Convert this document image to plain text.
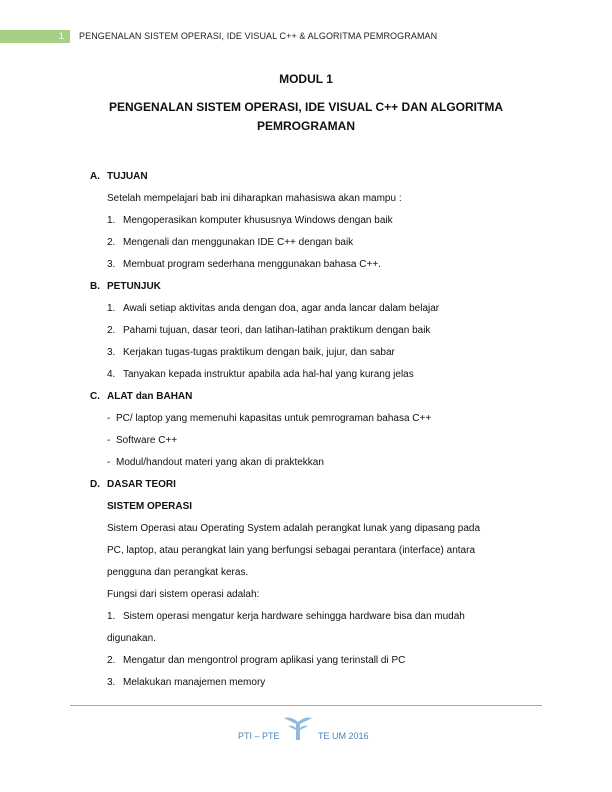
1 PENGENALAN SISTEM OPERASI, IDE VISUAL C++ & ALGORITMA PEMROGRAMAN
MODUL 1
PENGENALAN SISTEM OPERASI, IDE VISUAL C++ DAN ALGORITMA PEMROGRAMAN
A. TUJUAN
Setelah mempelajari bab ini diharapkan mahasiswa akan mampu :
1. Mengoperasikan komputer khususnya Windows dengan baik
2. Mengenali dan menggunakan IDE C++ dengan baik
3. Membuat program sederhana menggunakan bahasa C++.
B. PETUNJUK
1. Awali setiap aktivitas anda dengan doa, agar anda lancar dalam belajar
2. Pahami tujuan, dasar teori, dan latihan-latihan praktikum dengan baik
3. Kerjakan tugas-tugas praktikum dengan baik, jujur, dan sabar
4. Tanyakan kepada instruktur apabila ada hal-hal yang kurang jelas
C. ALAT dan BAHAN
- PC/ laptop yang memenuhi kapasitas untuk pemrograman bahasa C++
- Software C++
- Modul/handout materi yang akan di praktekkan
D. DASAR TEORI
SISTEM OPERASI
Sistem Operasi atau Operating System adalah perangkat lunak yang dipasang pada
PC, laptop, atau perangkat lain yang berfungsi sebagai perantara (interface) antara
pengguna dan perangkat keras.
Fungsi dari sistem operasi adalah:
1. Sistem operasi mengatur kerja hardware sehingga hardware bisa dan mudah
digunakan.
2. Mengatur dan mengontrol program aplikasi yang terinstall di PC
3. Melakukan manajemen memory
PTI – PTE	TE UM 2016
